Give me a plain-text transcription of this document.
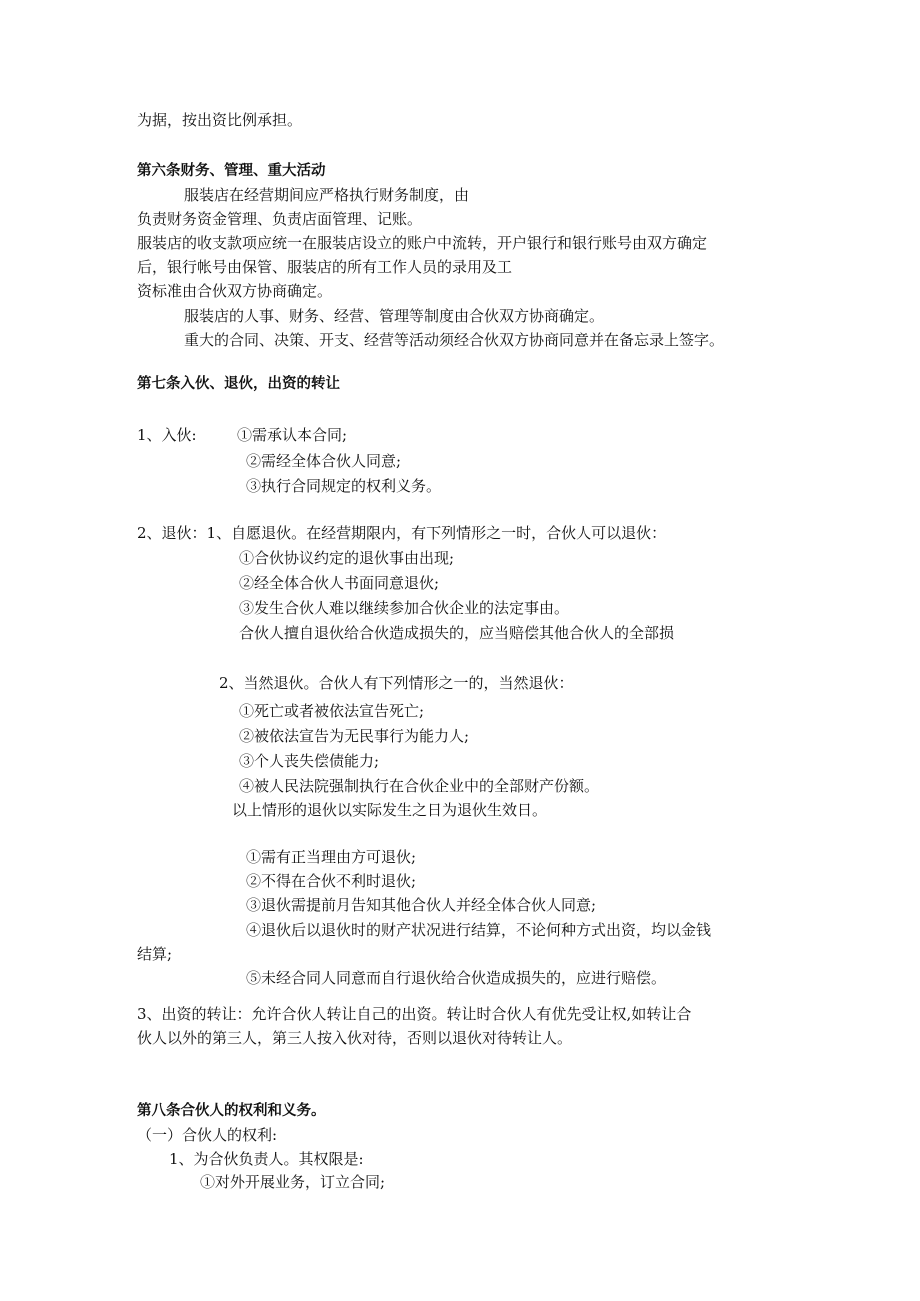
为据，按出资比例承担。
第六条财务、管理、重大活动
服装店在经营期间应严格执行财务制度，由
负责财务资金管理、负责店面管理、记账。
服装店的收支款项应统一在服装店设立的账户中流转，开户银行和银行账号由双方确定
后，银行帐号由保管、服装店的所有工作人员的录用及工
资标准由合伙双方协商确定。
服装店的人事、财务、经营、管理等制度由合伙双方协商确定。
重大的合同、决策、开支、经营等活动须经合伙双方协商同意并在备忘录上签字。
第七条入伙、退伙，出资的转让
1、入伙:	①需承认本合同;
②需经全体合伙人同意;
③执行合同规定的权利义务。
2、退伙：1、自愿退伙。在经营期限内，有下列情形之一时，合伙人可以退伙：
①合伙协议约定的退伙事由出现;
②经全体合伙人书面同意退伙;
③发生合伙人难以继续参加合伙企业的法定事由。
合伙人擅自退伙给合伙造成损失的，应当赔偿其他合伙人的全部损
2、当然退伙。合伙人有下列情形之一的，当然退伙：
①死亡或者被依法宣告死亡;
②被依法宣告为无民事行为能力人;
③个人丧失偿债能力;
④被人民法院强制执行在合伙企业中的全部财产份额。
以上情形的退伙以实际发生之日为退伙生效日。
①需有正当理由方可退伙;
②不得在合伙不利时退伙;
③退伙需提前月告知其他合伙人并经全体合伙人同意;
④退伙后以退伙时的财产状况进行结算，不论何种方式出资，均以金钱
结算;
⑤未经合同人同意而自行退伙给合伙造成损失的，应进行赔偿。
3、出资的转让：允许合伙人转让自己的出资。转让时合伙人有优先受让权,如转让合
伙人以外的第三人，第三人按入伙对待，否则以退伙对待转让人。
第八条合伙人的权利和义务。
（一）合伙人的权利:
1、为合伙负责人。其权限是:
①对外开展业务，订立合同;
